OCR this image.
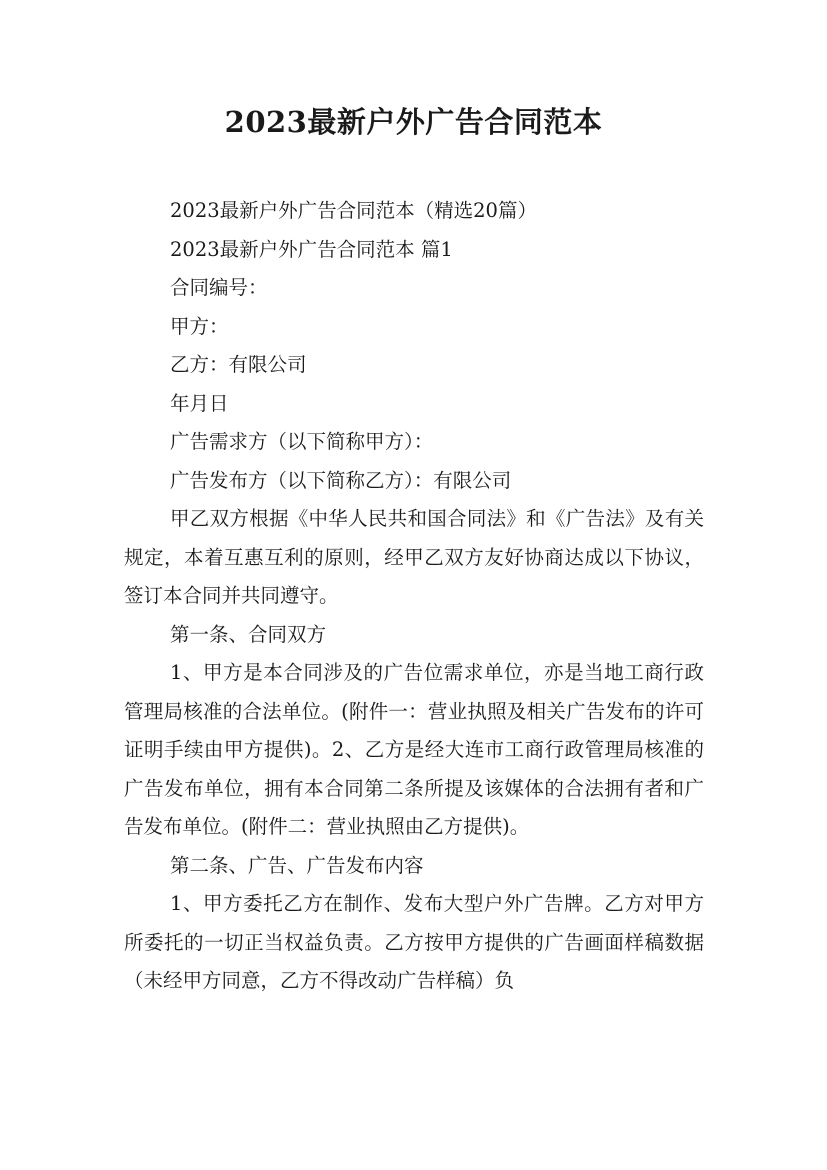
2023最新户外广告合同范本
2023最新户外广告合同范本（精选20篇）
2023最新户外广告合同范本 篇1
合同编号：
甲方：
乙方：有限公司
年月日
广告需求方（以下简称甲方）：
广告发布方（以下简称乙方）：有限公司
甲乙双方根据《中华人民共和国合同法》和《广告法》及有关规定，本着互惠互利的原则，经甲乙双方友好协商达成以下协议，签订本合同并共同遵守。
第一条、合同双方
1、甲方是本合同涉及的广告位需求单位，亦是当地工商行政管理局核准的合法单位。(附件一：营业执照及相关广告发布的许可证明手续由甲方提供)。2、乙方是经大连市工商行政管理局核准的广告发布单位，拥有本合同第二条所提及该媒体的合法拥有者和广告发布单位。(附件二：营业执照由乙方提供)。
第二条、广告、广告发布内容
1、甲方委托乙方在制作、发布大型户外广告牌。乙方对甲方所委托的一切正当权益负责。乙方按甲方提供的广告画面样稿数据（未经甲方同意，乙方不得改动广告样稿）负
